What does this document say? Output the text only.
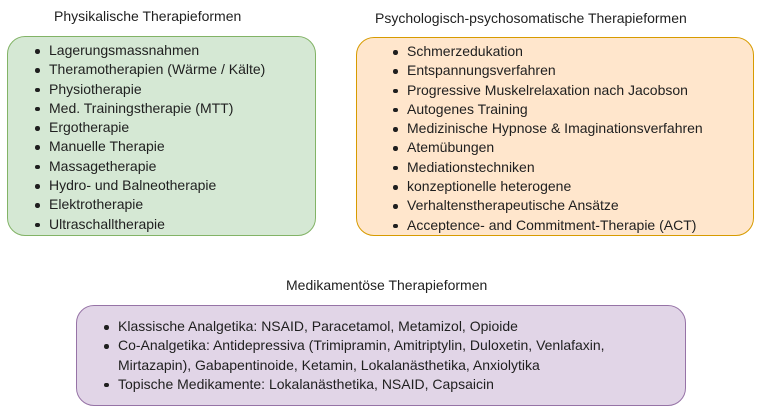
Physikalische Therapieformen
Lagerungsmassnahmen
Theramotherapien (Wärme / Kälte)
Physiotherapie
Med. Trainingstherapie (MTT)
Ergotherapie
Manuelle Therapie
Massagetherapie
Hydro- und Balneotherapie
Elektrotherapie
Ultraschalltherapie
Psychologisch-psychosomatische Therapieformen
Schmerzedukation
Entspannungsverfahren
Progressive Muskelrelaxation nach Jacobson
Autogenes Training
Medizinische Hypnose & Imaginationsverfahren
Atemübungen
Mediationstechniken
konzeptionelle heterogene
Verhaltenstherapeutische Ansätze
Acceptence- and Commitment-Therapie (ACT)
Medikamentöse Therapieformen
Klassische Analgetika: NSAID, Paracetamol, Metamizol, Opioide
Co-Analgetika: Antidepressiva (Trimipramin, Amitriptylin, Duloxetin, Venlafaxin, Mirtazapin), Gabapentinoide, Ketamin, Lokalanästhetika, Anxiolytika
Topische Medikamente: Lokalanästhetika, NSAID, Capsaicin
